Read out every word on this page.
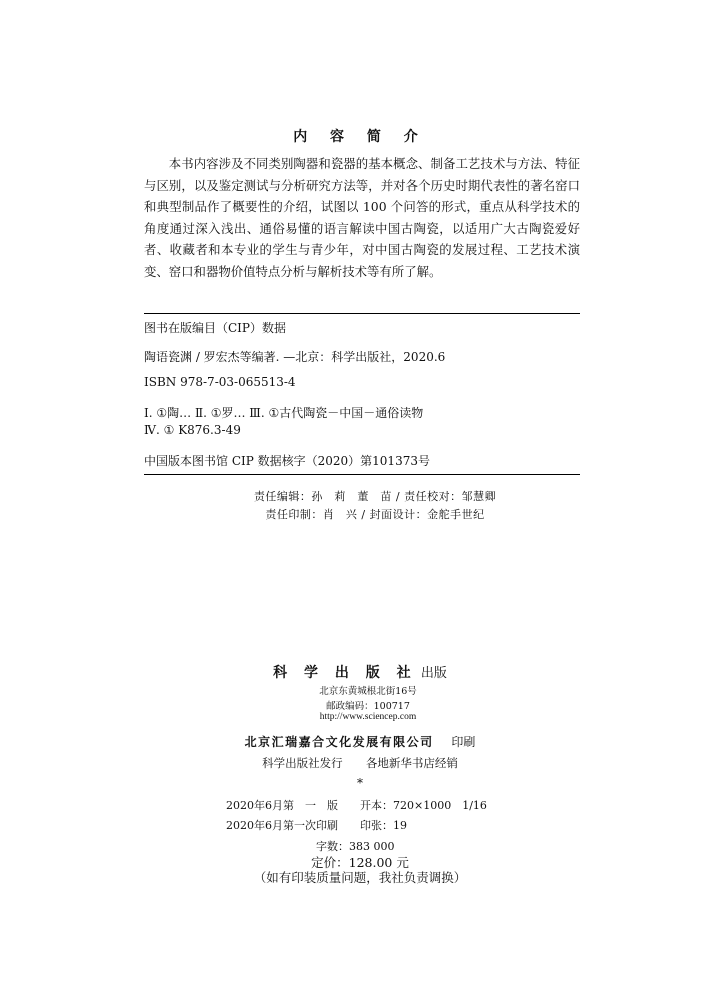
内 容 简 介
本书内容涉及不同类别陶器和瓷器的基本概念、制备工艺技术与方法、特征与区别，以及鉴定测试与分析研究方法等，并对各个历史时期代表性的著名窑口和典型制品作了概要性的介绍，试图以 100 个问答的形式，重点从科学技术的角度通过深入浅出、通俗易懂的语言解读中国古陶瓷，以适用广大古陶瓷爱好者、收藏者和本专业的学生与青少年，对中国古陶瓷的发展过程、工艺技术演变、窑口和器物价值特点分析与解析技术等有所了解。
图书在版编目（CIP）数据
陶语瓷渊 / 罗宏杰等编著. —北京：科学出版社，2020.6
ISBN 978-7-03-065513-4
Ⅰ. ①陶… Ⅱ. ①罗… Ⅲ. ①古代陶瓷－中国－通俗读物
Ⅳ. ① K876.3-49
中国版本图书馆 CIP 数据核字（2020）第101373号
责任编辑：孙　莉　董　苗 / 责任校对：邹慧卿
责任印制：肖　兴 / 封面设计：金舵手世纪
科 学 出 版 社 出版
北京东黄城根北街16号
邮政编码：100717
http://www.sciencep.com
北京汇瑞嘉合文化发展有限公司 印刷
科学出版社发行 各地新华书店经销
*
2020年6月第　一　版　　开本：720×1000　1/16
2020年6月第一次印刷　　印张：19
字数：383 000
定价：128.00 元
（如有印装质量问题，我社负责调换）
